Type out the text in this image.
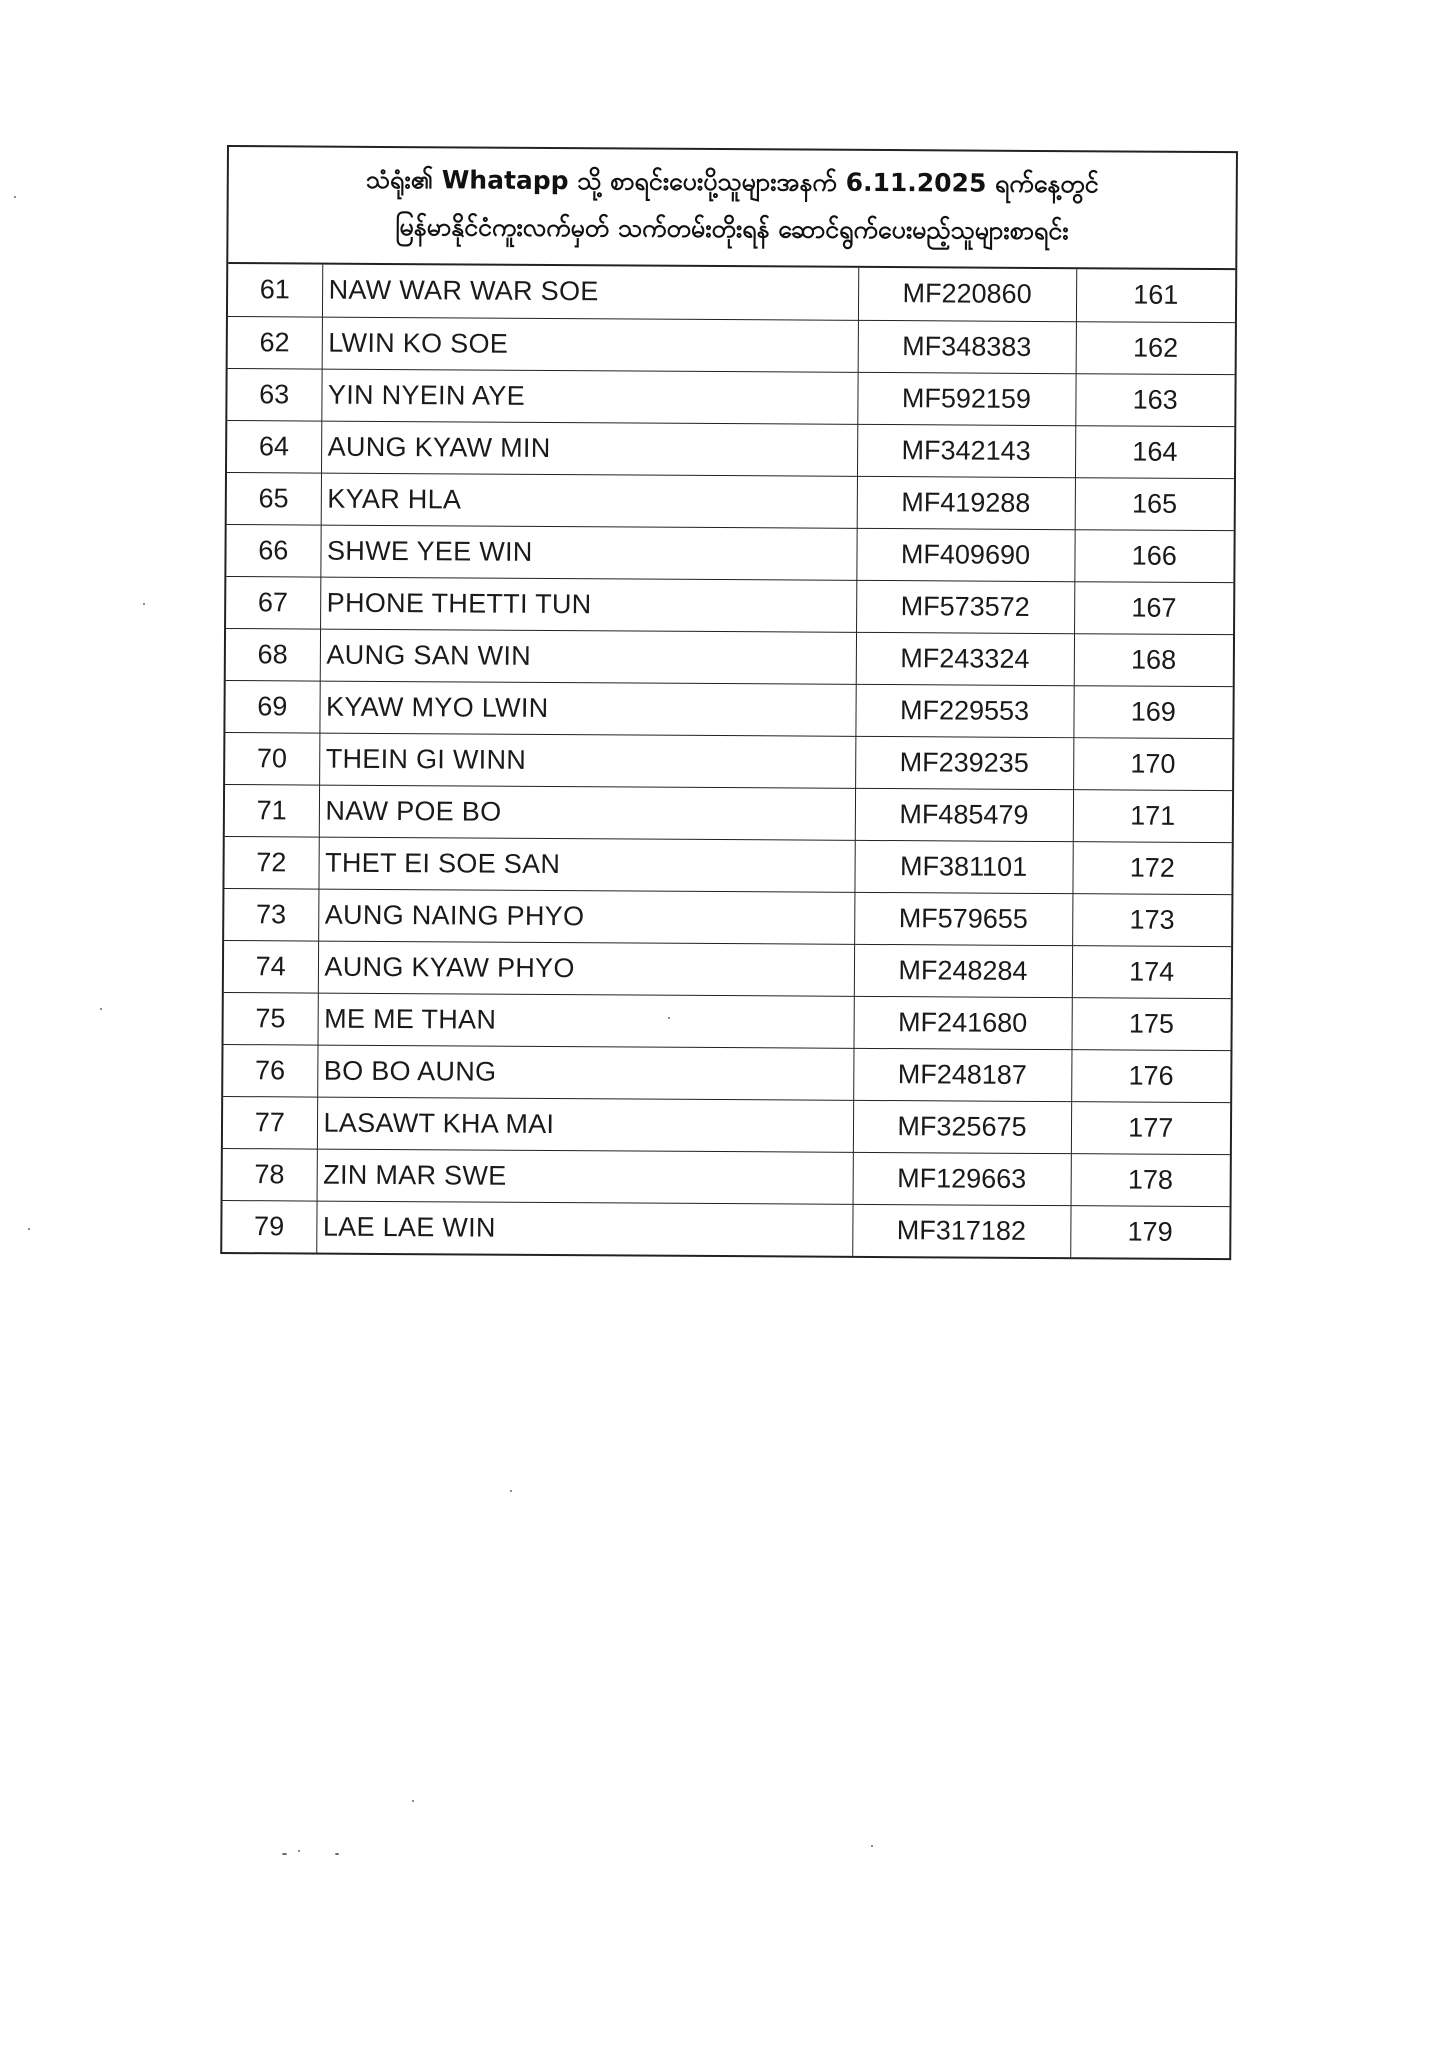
သံရုံး၏ Whatapp သို့ စာရင်းပေးပို့သူများအနက် 6.11.2025 ရက်နေ့တွင်
မြန်မာနိုင်ငံကူးလက်မှတ် သက်တမ်းတိုးရန် ဆောင်ရွက်ပေးမည့်သူများစာရင်း
61	NAW WAR WAR SOE	MF220860	161
62	LWIN KO SOE	MF348383	162
63	YIN NYEIN AYE	MF592159	163
64	AUNG KYAW MIN	MF342143	164
65	KYAR HLA	MF419288	165
66	SHWE YEE WIN	MF409690	166
67	PHONE THETTI TUN	MF573572	167
68	AUNG SAN WIN	MF243324	168
69	KYAW MYO LWIN	MF229553	169
70	THEIN GI WINN	MF239235	170
71	NAW POE BO	MF485479	171
72	THET EI SOE SAN	MF381101	172
73	AUNG NAING PHYO	MF579655	173
74	AUNG KYAW PHYO	MF248284	174
75	ME ME THAN	MF241680	175
76	BO BO AUNG	MF248187	176
77	LASAWT KHA MAI	MF325675	177
78	ZIN MAR SWE	MF129663	178
79	LAE LAE WIN	MF317182	179
